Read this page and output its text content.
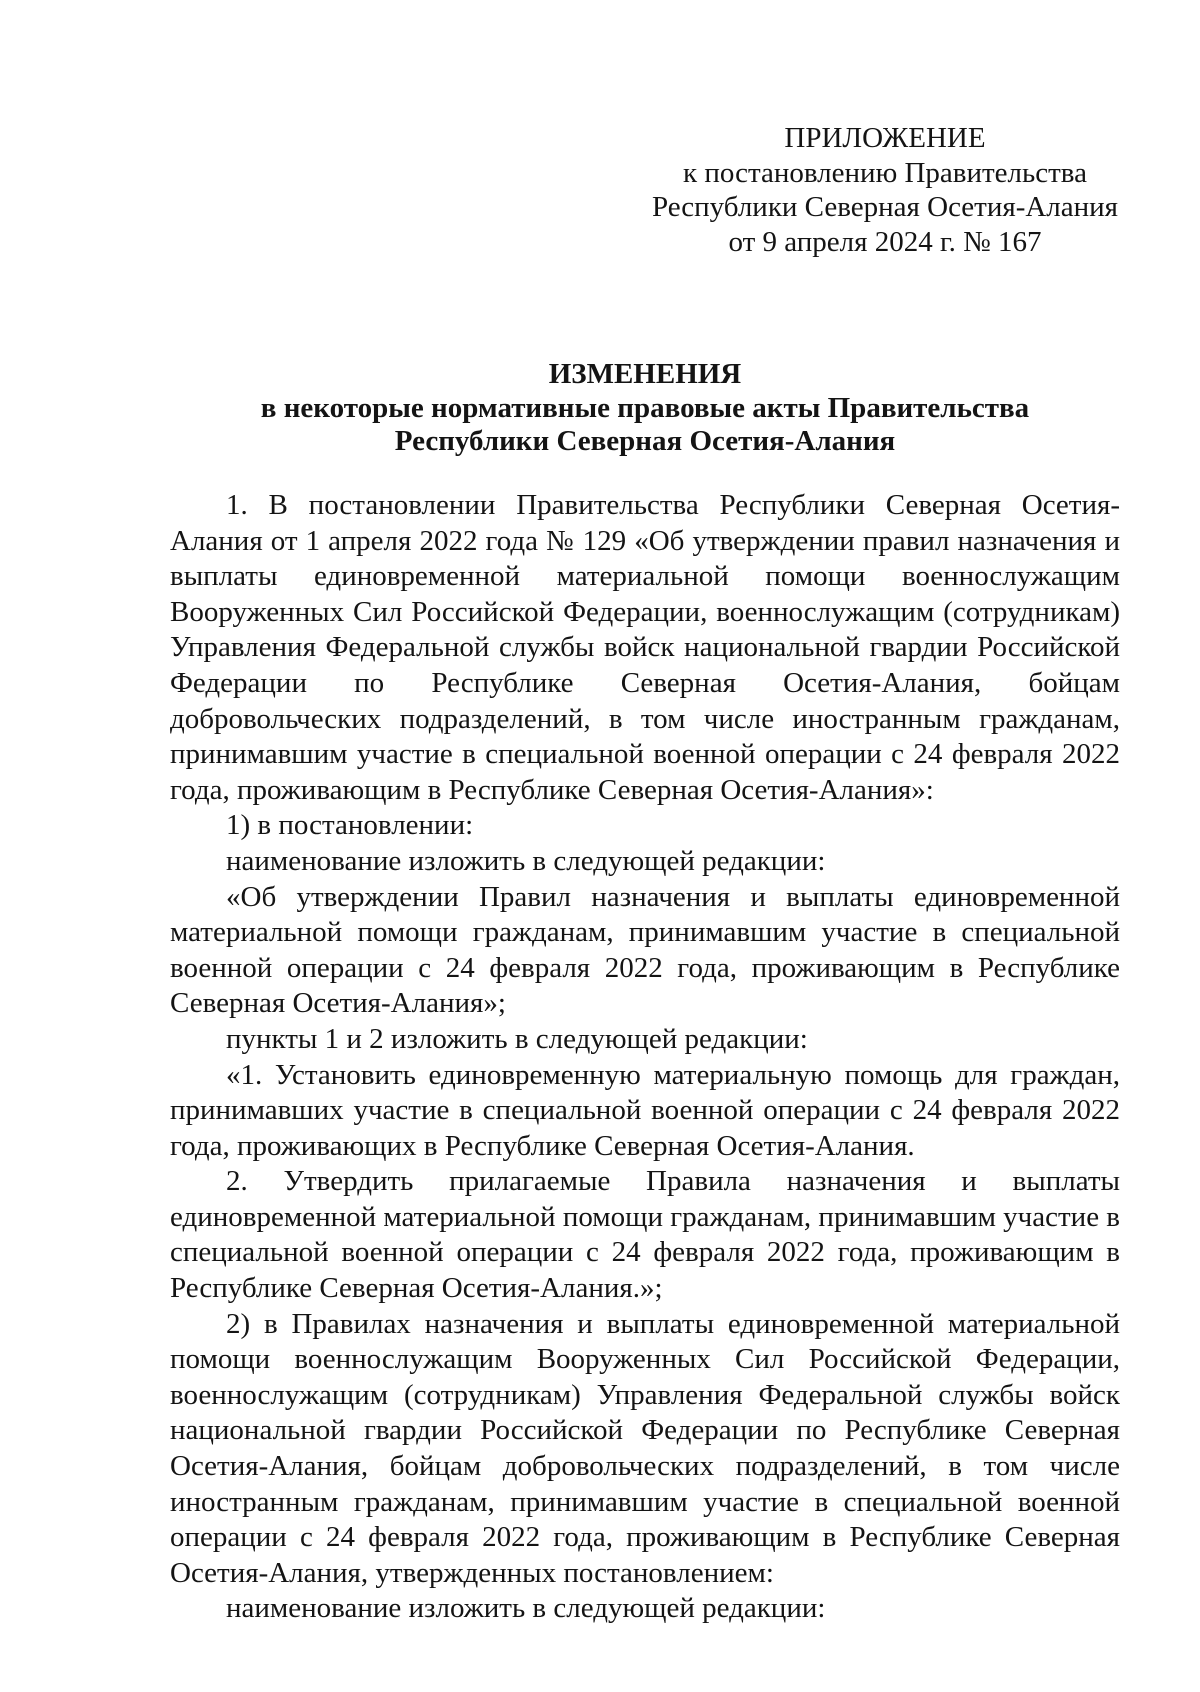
ПРИЛОЖЕНИЕ
к постановлению Правительства
Республики Северная Осетия-Алания
от 9 апреля 2024 г. № 167
ИЗМЕНЕНИЯ
в некоторые нормативные правовые акты Правительства
Республики Северная Осетия-Алания

1. В постановлении Правительства Республики Северная Осетия-Алания от 1 апреля 2022 года № 129 «Об утверждении правил назначения и выплаты единовременной материальной помощи военнослужащим Вооруженных Сил Российской Федерации, военнослужащим (сотрудникам) Управления Федеральной службы войск национальной гвардии Российской Федерации по Республике Северная Осетия-Алания, бойцам добровольческих подразделений, в том числе иностранным гражданам, принимавшим участие в специальной военной операции с 24 февраля 2022 года, проживающим в Республике Северная Осетия-Алания»:

1) в постановлении:

наименование изложить в следующей редакции:

«Об утверждении Правил назначения и выплаты единовременной материальной помощи гражданам, принимавшим участие в специальной военной операции с 24 февраля 2022 года, проживающим в Республике Северная Осетия-Алания»;

пункты 1 и 2 изложить в следующей редакции:

«1. Установить единовременную материальную помощь для граждан, принимавших участие в специальной военной операции с 24 февраля 2022 года, проживающих в Республике Северная Осетия-Алания.

2. Утвердить прилагаемые Правила назначения и выплаты единовременной материальной помощи гражданам, принимавшим участие в специальной военной операции с 24 февраля 2022 года, проживающим в Республике Северная Осетия-Алания.»;

2) в Правилах назначения и выплаты единовременной материальной помощи военнослужащим Вооруженных Сил Российской Федерации, военнослужащим (сотрудникам) Управления Федеральной службы войск национальной гвардии Российской Федерации по Республике Северная Осетия-Алания, бойцам добровольческих подразделений, в том числе иностранным гражданам, принимавшим участие в специальной военной операции с 24 февраля 2022 года, проживающим в Республике Северная Осетия-Алания, утвержденных постановлением:

наименование изложить в следующей редакции:
